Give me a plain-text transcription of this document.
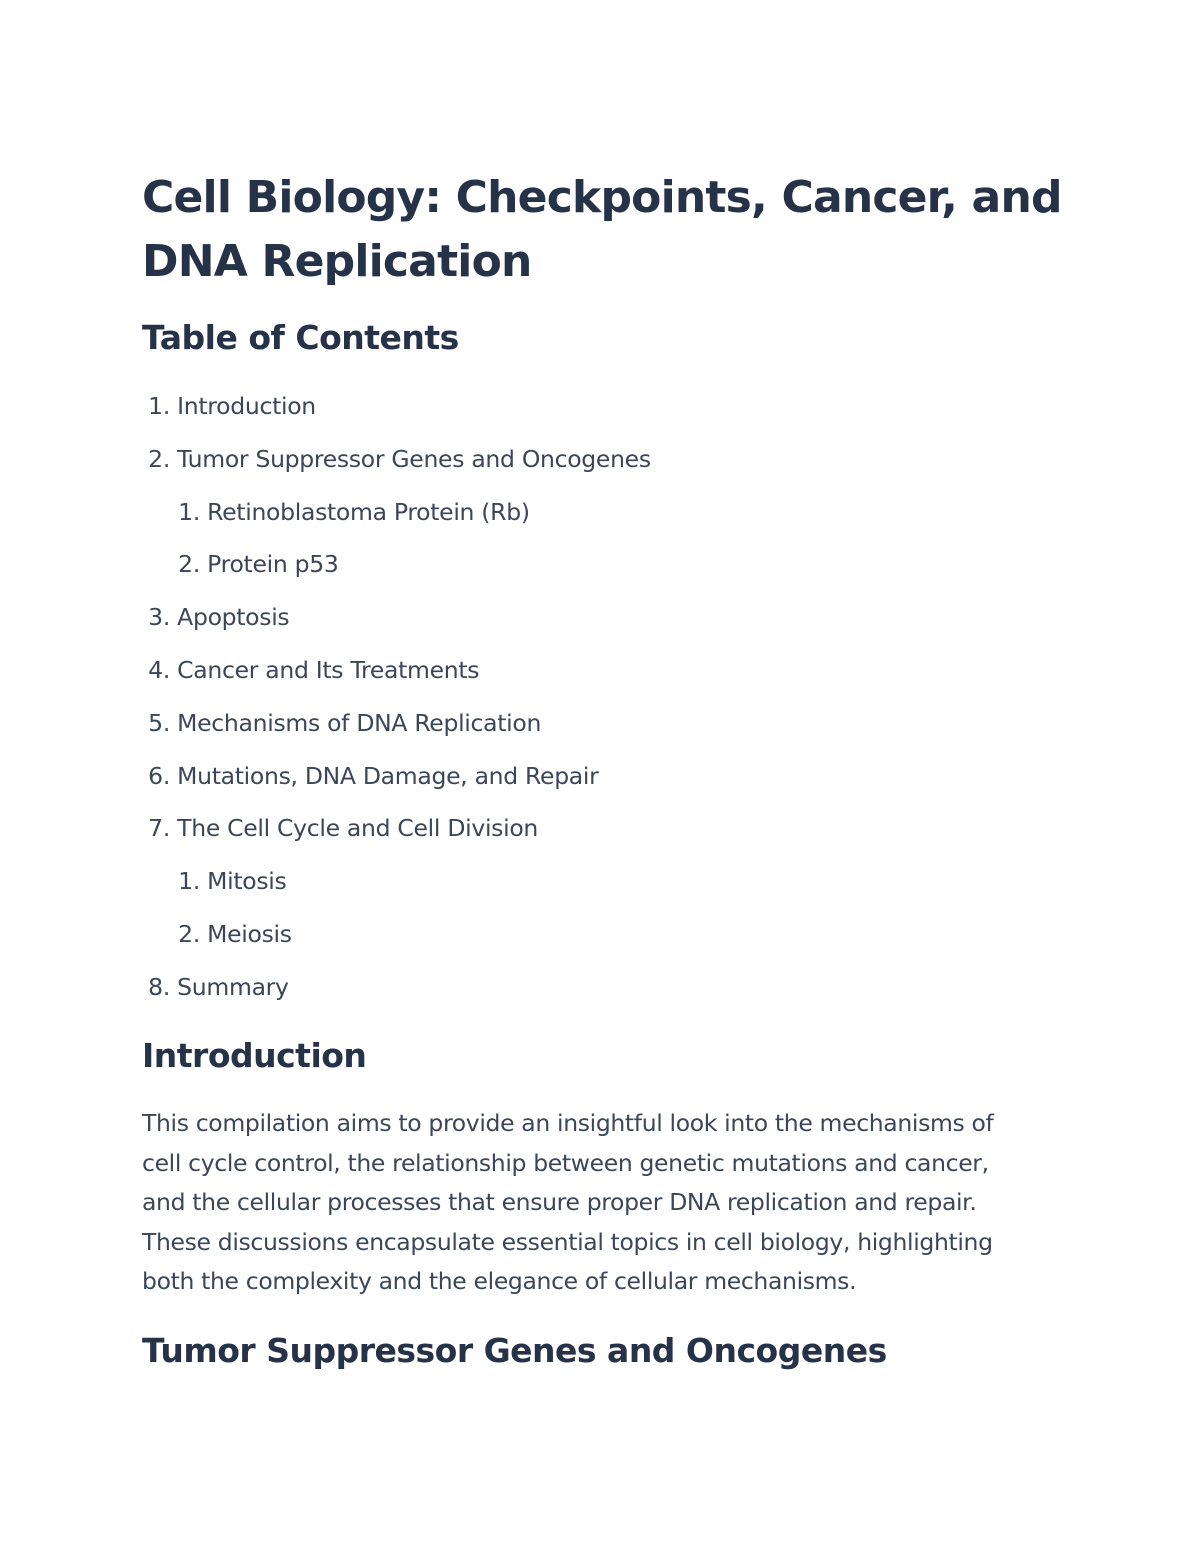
Cell Biology: Checkpoints, Cancer, and
DNA Replication
Table of Contents
1. Introduction
2. Tumor Suppressor Genes and Oncogenes
1. Retinoblastoma Protein (Rb)
2. Protein p53
3. Apoptosis
4. Cancer and Its Treatments
5. Mechanisms of DNA Replication
6. Mutations, DNA Damage, and Repair
7. The Cell Cycle and Cell Division
1. Mitosis
2. Meiosis
8. Summary
Introduction

This compilation aims to provide an insightful look into the mechanisms of
cell cycle control, the relationship between genetic mutations and cancer,
and the cellular processes that ensure proper DNA replication and repair.
These discussions encapsulate essential topics in cell biology, highlighting
both the complexity and the elegance of cellular mechanisms.

Tumor Suppressor Genes and Oncogenes
